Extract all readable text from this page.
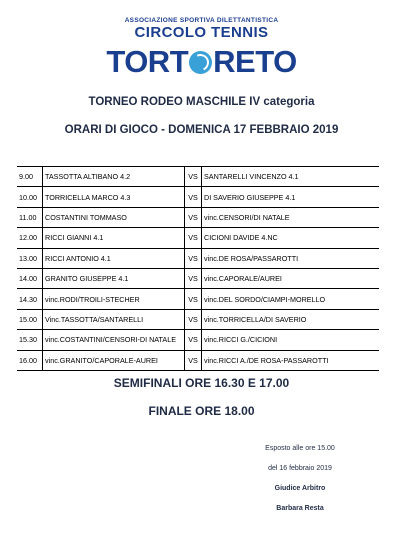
ASSOCIAZIONE SPORTIVA DILETTANTISTICA
CIRCOLO TENNIS
TORT RETO
TORNEO RODEO MASCHILE IV categoria
ORARI DI GIOCO - DOMENICA 17 FEBBRAIO 2019
9.00	TASSOTTA ALTIBANO 4.2	VS	SANTARELLI VINCENZO 4.1
10.00	TORRICELLA MARCO 4.3	VS	DI SAVERIO GIUSEPPE 4.1
11.00	COSTANTINI TOMMASO	VS	vinc.CENSORI/DI NATALE
12.00	RICCI GIANNI 4.1	VS	CICIONI DAVIDE 4.NC
13.00	RICCI ANTONIO 4.1	VS	vinc.DE ROSA/PASSAROTTI
14.00	GRANITO GIUSEPPE 4.1	VS	vinc.CAPORALE/AUREI
14.30	vinc.RODI/TROILI-STECHER	VS	vinc.DEL SORDO/CIAMPI-MORELLO
15.00	Vinc.TASSOTTA/SANTARELLI	VS	vinc.TORRICELLA/DI SAVERIO
15.30	vinc.COSTANTINI/CENSORI-DI NATALE	VS	vinc.RICCI G./CICIONI
16.00	vinc.GRANITO/CAPORALE-AUREI	VS	vinc.RICCI A./DE ROSA-PASSAROTTI
SEMIFINALI ORE 16.30 E 17.00
FINALE ORE 18.00
Esposto alle ore 15.00
del 16 febbraio 2019
Giudice Arbitro
Barbara Resta
